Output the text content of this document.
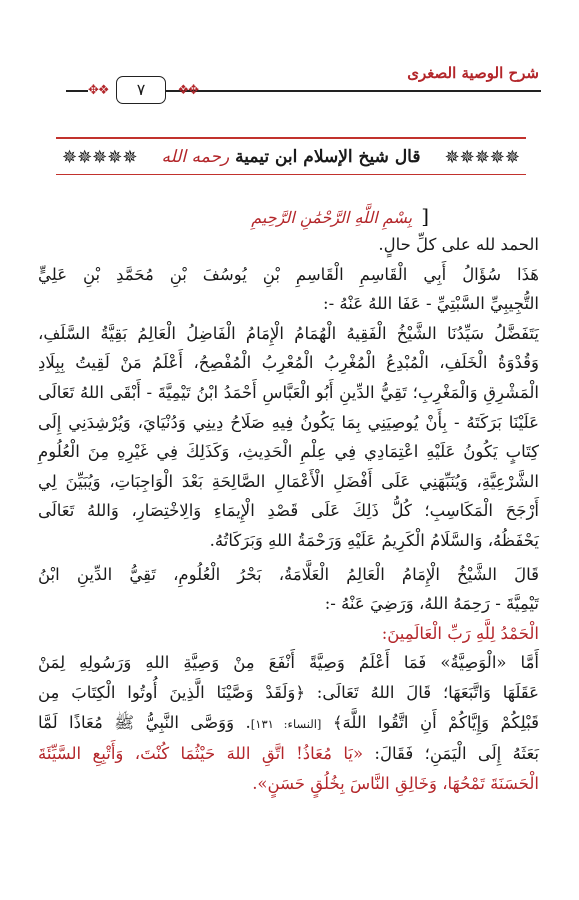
شرح الوصية الصغرى
✥❖	٧	❖✥
✵✵✵✵✵	قال شيخ الإسلام ابن تيمية رحمه الله	✵✵✵✵✵
[ بِسْمِ اللَّهِ الرَّحْمَٰنِ الرَّحِيمِ

الحمد لله على كلِّ حالٍ.

هَذَا سُؤَالُ أَبِي الْقَاسِمِ الْقَاسِمِ بْنِ يُوسُفَ بْنِ مُحَمَّدِ بْنِ عَلِيٍّ

التُّجِيبِيِّ السَّبْتِيِّ - عَفَا اللهُ عَنْهُ -:

يَتَفَضَّلُ سَيِّدُنَا الشَّيْخُ الْفَقِيهُ الْهُمَامُ الْإِمَامُ الْفَاضِلُ الْعَالِمُ بَقِيَّةُ السَّلَفِ،

وَقُدْوَةُ الْخَلَفِ، الْمُبْدِعُ الْمُغْرِبُ الْمُعْرِبُ الْمُفْصِحُ، أَعْلَمُ مَنْ لَقِيتُ بِبِلَادِ

الْمَشْرِقِ وَالْمَغْرِبِ؛ تَقِيُّ الدِّينِ أَبُو الْعَبَّاسِ أَحْمَدُ ابْنُ تَيْمِيَّةَ - أَبْقَى اللهُ تَعَالَى

عَلَيْنَا بَرَكَتَهُ - بِأَنْ يُوصِيَنِي بِمَا يَكُونُ فِيهِ صَلَاحُ دِينِي وَدُنْيَايَ، وَيُرْشِدَنِي إِلَى

كِتَابٍ يَكُونُ عَلَيْهِ اعْتِمَادِي فِي عِلْمِ الْحَدِيثِ، وَكَذَلِكَ فِي غَيْرِهِ مِنَ الْعُلُومِ

الشَّرْعِيَّةِ، وَيُنَبِّهَنِي عَلَى أَفْضَلِ الْأَعْمَالِ الصَّالِحَةِ بَعْدَ الْوَاجِبَاتِ، وَيُبَيِّنَ لِي

أَرْجَحَ الْمَكَاسِبِ؛ كُلُّ ذَلِكَ عَلَى قَصْدِ الْإِيمَاءِ وَالِاخْتِصَارِ، وَاللهُ تَعَالَى

يَحْفَظُهُ، وَالسَّلَامُ الْكَرِيمُ عَلَيْهِ وَرَحْمَةُ اللهِ وَبَرَكَاتُهُ.

قَالَ الشَّيْخُ الْإِمَامُ الْعَالِمُ الْعَلَّامَةُ، بَحْرُ الْعُلُومِ، تَقِيُّ الدِّينِ ابْنُ

تَيْمِيَّةَ - رَحِمَهُ اللهُ، وَرَضِيَ عَنْهُ -:

الْحَمْدُ لِلَّهِ رَبِّ الْعَالَمِينَ:

أَمَّا «الْوَصِيَّةُ» فَمَا أَعْلَمُ وَصِيَّةً أَنْفَعَ مِنْ وَصِيَّةِ اللهِ وَرَسُولِهِ لِمَنْ

عَقَلَهَا وَاتَّبَعَهَا؛ قَالَ اللهُ تَعَالَى: ﴿وَلَقَدْ وَصَّيْنَا الَّذِينَ أُوتُوا الْكِتَابَ مِن

قَبْلِكُمْ وَإِيَّاكُمْ أَنِ اتَّقُوا اللَّهَ﴾ [النساء: ١٣١]. وَوَصَّى النَّبِيُّ ﷺ مُعَاذًا لَمَّا

بَعَثَهُ إِلَى الْيَمَنِ؛ فَقَالَ: «يَا مُعَاذُ! اتَّقِ اللهَ حَيْثُمَا كُنْتَ، وَأَتْبِعِ السَّيِّئَةَ

الْحَسَنَةَ تَمْحُهَا، وَخَالِقِ النَّاسَ بِخُلُقٍ حَسَنٍ».
